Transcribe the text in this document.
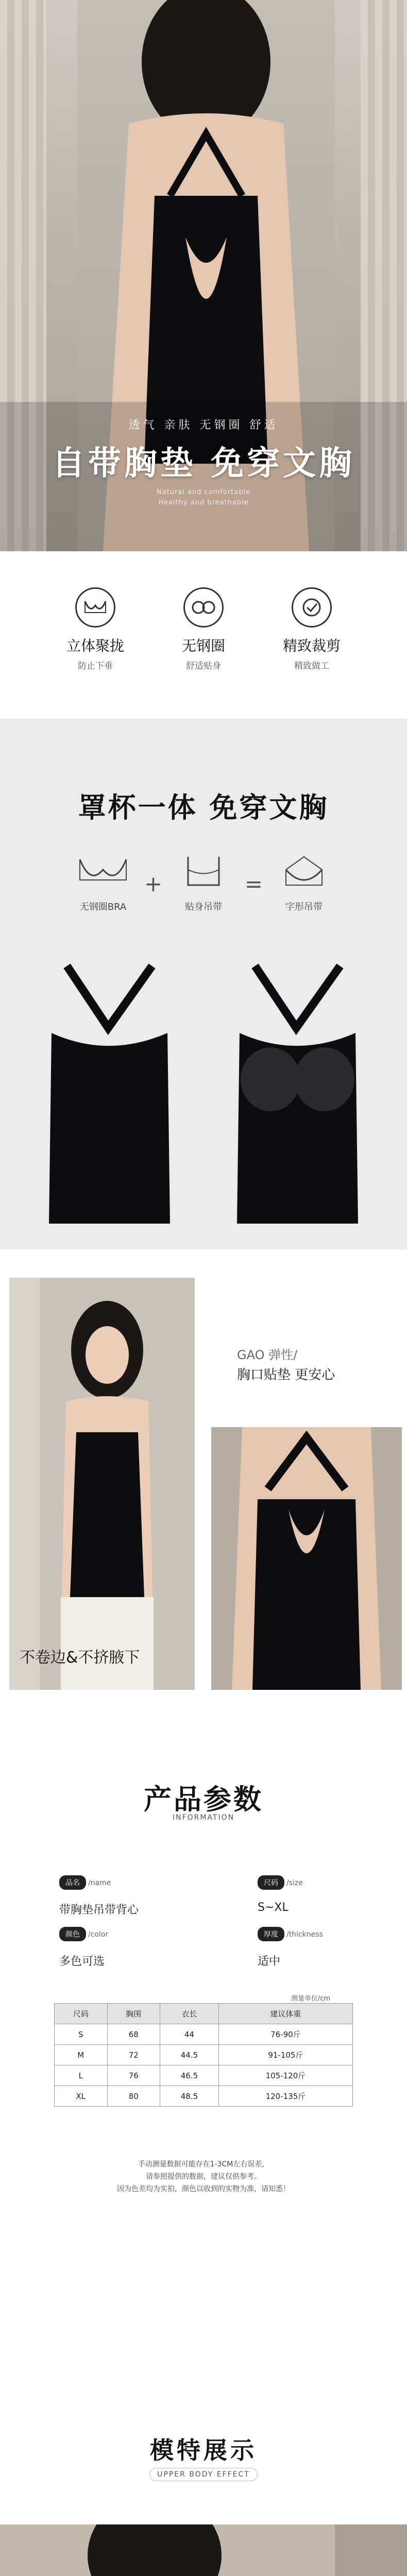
透气 亲肤 无钢圈 舒适
自带胸垫 免穿文胸
Natural and comfortable
Healthy and breathable
立体聚拢
防止下垂
无钢圈
舒适贴身
精致裁剪
精致做工
罩杯一体 免穿文胸
无钢圈BRA
+
贴身吊带
=
字形吊带
GAO 弹性/
胸口贴垫 更安心
不卷边&不挤腋下
产品参数
INFORMATION
品名 /name
带胸垫吊带背心
尺码 /size
S~XL
颜色 /color
多色可选
厚度 /thickness
适中
测量单位/cm
尺码	胸围	衣长	建议体重
S	68	44	76-90斤
M	72	44.5	91-105斤
L	76	46.5	105-120斤
XL	80	48.5	120-135斤
手动测量数据可能存在1-3CM左右误差，
请参照提供的数据，建议仅供参考。
因为色差均为实拍，颜色以收到的实物为准，请知悉！
模特展示
UPPER BODY EFFECT
